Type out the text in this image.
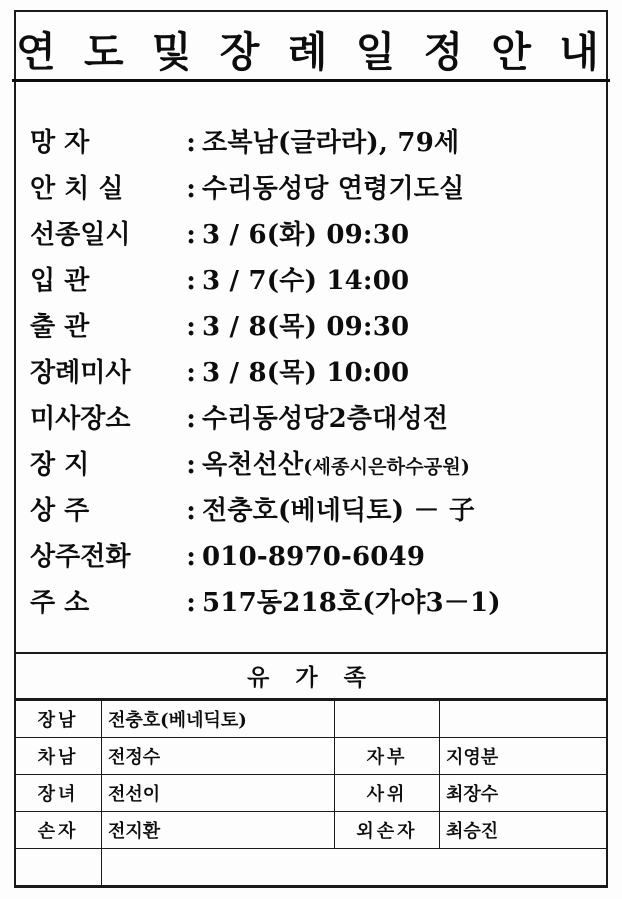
연 도 및 장 례 일 정 안 내
망 자	: 조복남(글라라), 79세
안 치 실	: 수리동성당 연령기도실
선종일시	: 3 / 6(화) 09:30
입 관	: 3 / 7(수) 14:00
출 관	: 3 / 8(목) 09:30
장례미사	: 3 / 8(목) 10:00
미사장소	: 수리동성당2층대성전
장 지	: 옥천선산(세종시은하수공원)
상 주	: 전충호(베네딕토) － 子
상주전화	: 010-8970-6049
주 소	: 517동218호(가야3－1)
유 가 족
장남	전충호(베네딕토)		
차남	전정수	자부	지영분
장녀	전선이	사위	최장수
손자	전지환	외손자	최승진
